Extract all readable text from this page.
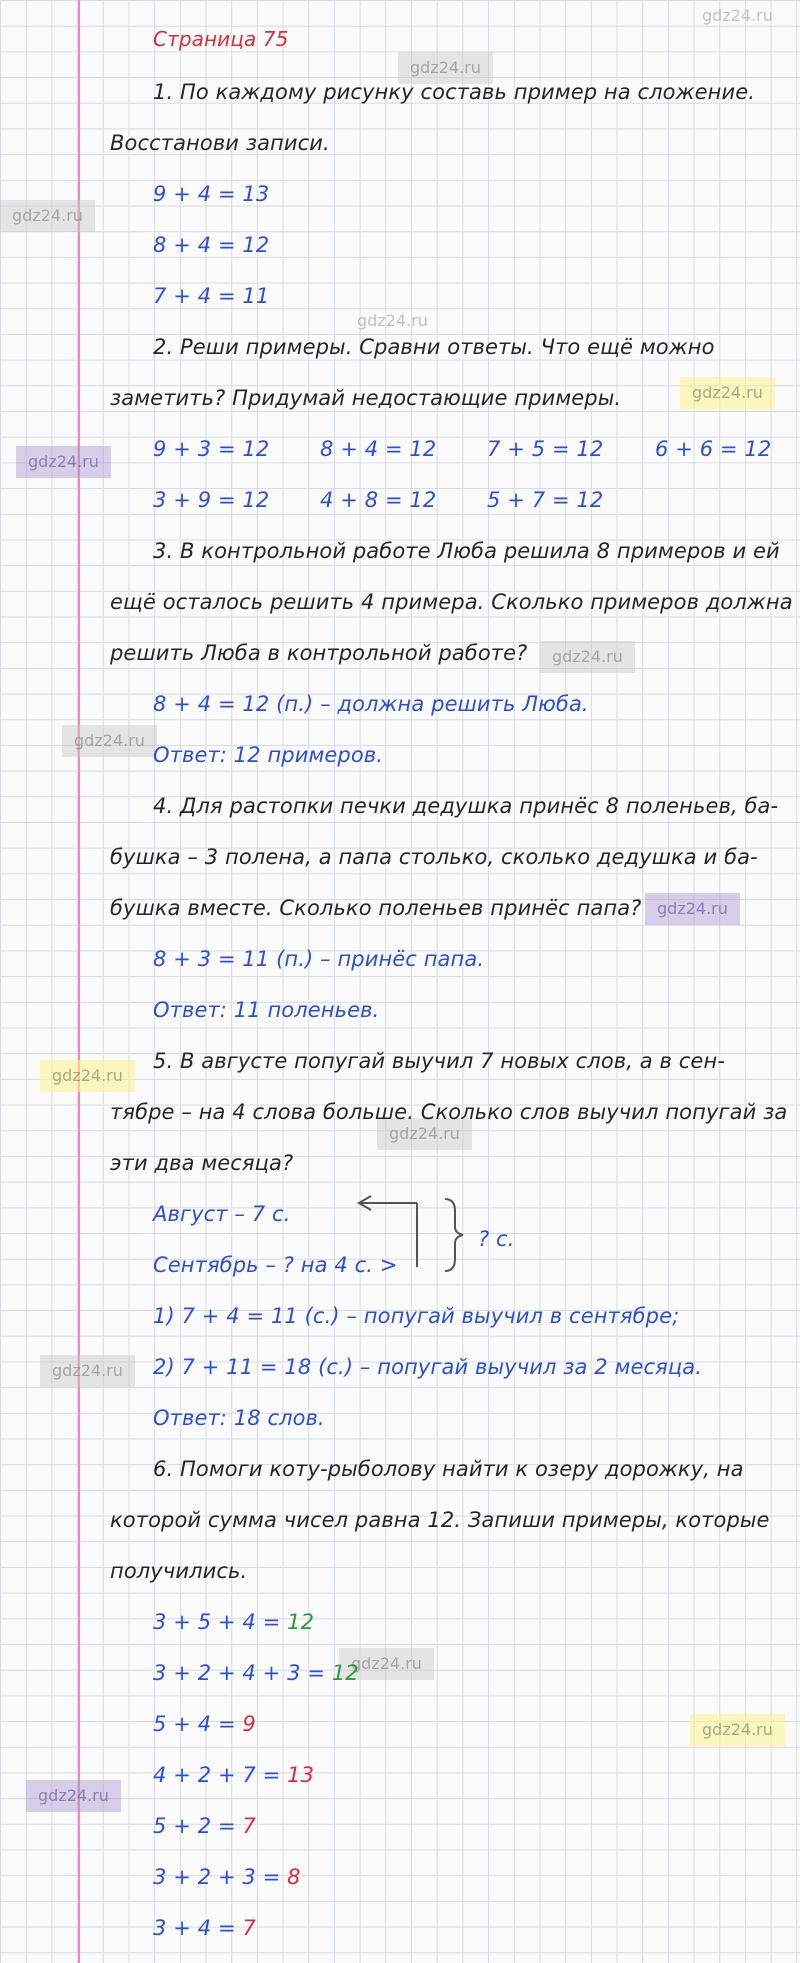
gdz24.ru
gdz24.ru
gdz24.ru
gdz24.ru
gdz24.ru
gdz24.ru
gdz24.ru
gdz24.ru
gdz24.ru
gdz24.ru
gdz24.ru
gdz24.ru
gdz24.ru
gdz24.ru
gdz24.ru
Страница 75
1. По каждому рисунку составь пример на сложение.
Восстанови записи.
9 + 4 = 13
8 + 4 = 12
7 + 4 = 11
2. Реши примеры. Сравни ответы. Что ещё можно
заметить? Придумай недостающие примеры.
9 + 3 = 12 8 + 4 = 12 7 + 5 = 12 6 + 6 = 12
3 + 9 = 12 4 + 8 = 12 5 + 7 = 12
3. В контрольной работе Люба решила 8 примеров и ей
ещё осталось решить 4 примера. Сколько примеров должна
решить Люба в контрольной работе?
8 + 4 = 12 (п.) – должна решить Люба.
Ответ: 12 примеров.
4. Для растопки печки дедушка принёс 8 поленьев, ба-
бушка – 3 полена, а папа столько, сколько дедушка и ба-
бушка вместе. Сколько поленьев принёс папа?
8 + 3 = 11 (п.) – принёс папа.
Ответ: 11 поленьев.
5. В августе попугай выучил 7 новых слов, а в сен-
тябре – на 4 слова больше. Сколько слов выучил попугай за
эти два месяца?
Август – 7 с.
Сентябрь – ? на 4 с. >
? с.
1) 7 + 4 = 11 (с.) – попугай выучил в сентябре;
2) 7 + 11 = 18 (с.) – попугай выучил за 2 месяца.
Ответ: 18 слов.
6. Помоги коту-рыболову найти к озеру дорожку, на
которой сумма чисел равна 12. Запиши примеры, которые
получились.
3 + 5 + 4 = 12
3 + 2 + 4 + 3 = 12
5 + 4 = 9
4 + 2 + 7 = 13
5 + 2 = 7
3 + 2 + 3 = 8
3 + 4 = 7
